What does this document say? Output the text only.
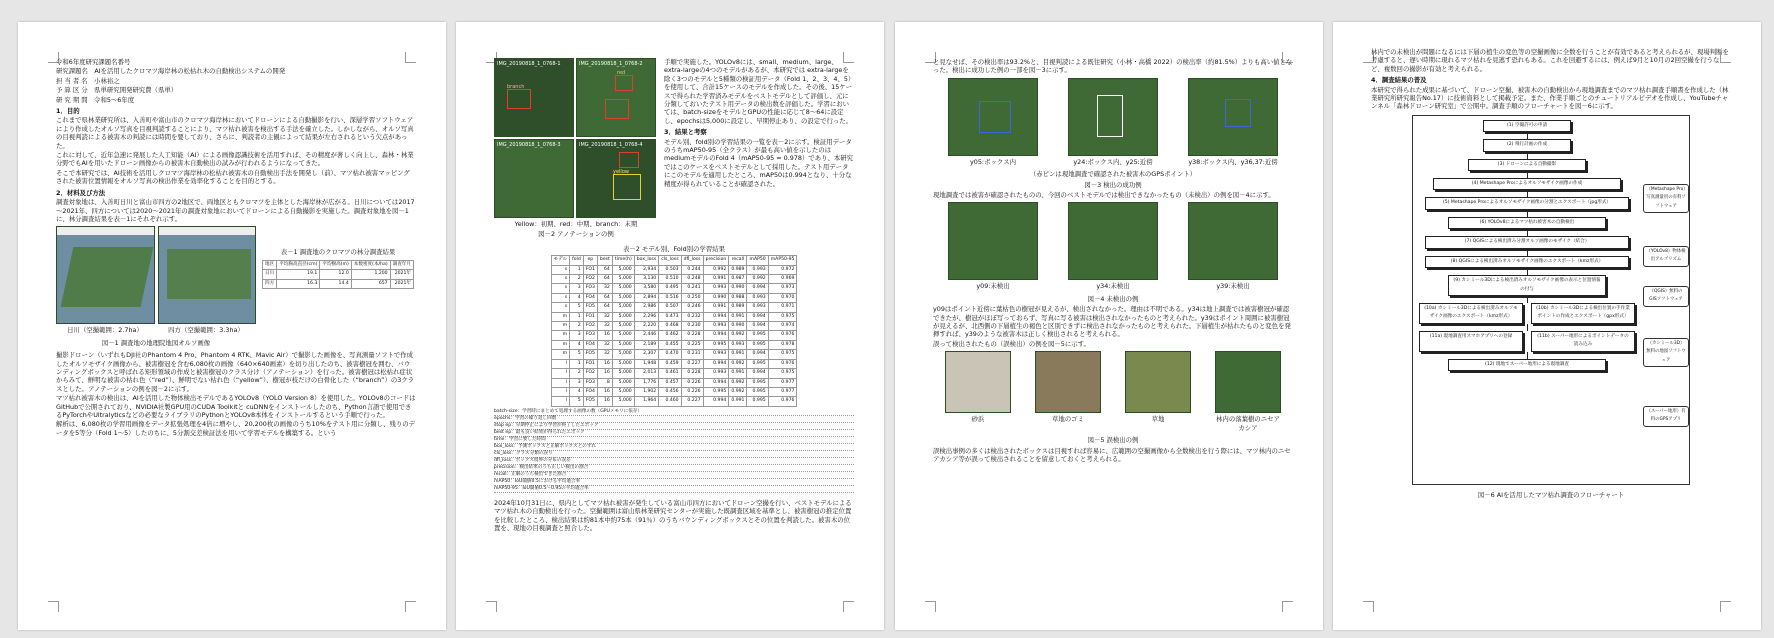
令和6年度研究課題名番号

研究課題名　AIを活用したクロマツ海岸林の松枯れ木の自動検出システムの開発

担 当 者 名　小林裕之

予 算 区 分　県単研究開発研究費（県単）

研 究 期 間　令和5～6年度

1．目的

これまで県林業研究所は、入善町や富山市のクロマツ海岸林においてドローンによる自動撮影を行い、深層学習ソフトウェアにより作成したオルソ写真を目視判読することにより、マツ枯れ被害を検出する手法を確立した。しかしながら、オルソ写真の目視判読による被害木の判読には時間を要しており、さらに、判読者の主観によって結果が左右されるという欠点があった。

これに対して、近年急速に発展した人工知能（AI）による画像認識技術を活用すれば、その精度が著しく向上し、森林・林業分野でもAIを用いたドローン画像からの被害木自動検出の試みが行われるようになってきた。

そこで本研究では、AI技術を活用しクロマツ海岸林の松枯れ被害木の自動検出手法を開発し（前）、マツ枯れ被害マッピングされた被害位置情報をオルソ写真の検出作業を効率化することを目的とする。

2．材料及び方法

調査対象地は、入善町日川と富山市四方の2地区で、両地区ともクロマツを主体とした海岸林が広がる。日川については2017～2021年、四方については2020～2021年の調査対象地においてドローンによる自動撮影を実施した。調査対象地を図－1に、林分調査結果を表－1にそれぞれ示す。

日川（空撮範囲：2.7ha）	四方（空撮範囲：3.3ha）

表－1 調査地のクロマツの林分調査結果

地区	平均胸高直径(cm)	平均樹高(m)	本数密度(本/ha)	調査年月
日川	19.1	12.0	1,200	2021年
四方	16.3	14.4	657	2021年

図－1 調査地の地理院地図オルソ画像

撮影ドローン（いずれもDJI社のPhantom 4 Pro、Phantom 4 RTK、Mavic Air）で撮影した画像を、写真測量ソフトで作成したオルソモザイク画像から、被害樹冠を含む6,080枚の画像（640×640画素）を切り出したのち、被害樹冠を囲む、バウンディングボックスと呼ばれる矩形領域の作成と被害樹冠のクラス分け（アノテーション）を行った。被害樹冠は松枯れ症状からみて、鮮明な被害の枯れ色（“red”）、鮮明でない枯れ色（“yellow”）、樹冠が枝だけの白骨化した（“branch”）の3クラスとした。アノテーションの例を図－2に示す。

マツ枯れ被害木の検出は、AIを活用した物体検出モデルであるYOLOv8（YOLO Version 8）を使用した。YOLOv8のコードはGitHubで公開されており、NVIDIA社製GPU用のCUDA Toolkitと cuDNNをインストールしたのち、Python言語で使用できるPyTorchやUltralyticsなどの必要なライブラリのPythonとYOLOv8本体をインストールするという手順で行った。

解析は、6,080枚の学習用画像をデータ拡張処理を4倍に増やし、20,200枚の画像のうち10%をテスト用に分類し、残りのデータを5等分（Fold 1～5）したのちに、5分割交差検証法を用いて学習モデルを構築する。という

IMG_20190818_1_0768-1
branch
IMG_20190818_1_0768-2
red
IMG_20190818_1_0768-3	IMG_20190818_1_0768-4
yellow

Yellow：初期、red：中期、branch：末期

図－2 アノテーションの例

手順で実施した。YOLOv8には、small、medium、large、extra-largeの4つのモデルがあるが、本研究では extra-largeを除く3つのモデルと5種類の検証用データ（Fold 1、2、3、4、5）を使用して、合計15ケースのモデルを作成した。その後、15ケースで得られた学習済みモデルをベストモデルとして評価し、元に分類しておいたテスト用データの検出数を評価した。学習においては、batch-sizeをモデルとGPUの性能に応じて8～64に設定し、epochsは5,000に設定し、早期停止あり、の設定で行った。

3．結果と考察

モデル別、fold別の学習結果の一覧を表－2に示す。検証用データのうちmAP50-95（全クラス）が最も高い値を示したのはmediumモデルのFold 4（mAP50-95 = 0.978）であり、本研究ではこのケースをベストモデルとして採用した。テスト用データにこのモデルを適用したところ、mAP50は0.994となり、十分な精度が得られていることが確認された。

表－2 モデル別、Fold別の学習結果

モデル	fold	ep	best	time(h)	box_loss	cls_loss	dfl_loss	precision	recall	mAP50	mAP50-95
s	1	FO1	64	5,000	2,934	0.503	0.244	0.992	0.989	0.993	0.972
s	2	FO2	64	5,000	3,130	0.510	0.248	0.991	0.987	0.992	0.969
s	3	FO3	32	5,000	3,580	0.495	0.241	0.993	0.990	0.994	0.973
s	4	FO4	64	5,000	2,894	0.516	0.250	0.990	0.988	0.993	0.970
s	5	FO5	64	5,000	2,986	0.507	0.246	0.991	0.989	0.993	0.971
m	1	FO1	32	5,000	2,296	0.473	0.232	0.994	0.991	0.994	0.975
m	2	FO2	32	5,000	2,220	0.468	0.230	0.993	0.990	0.994	0.974
m	3	FO3	16	5,000	2,446	0.462	0.228	0.994	0.992	0.995	0.976
m	4	FO4	32	5,000	2,189	0.455	0.225	0.995	0.993	0.995	0.978
m	5	FO5	32	5,000	2,307	0.470	0.231	0.993	0.991	0.994	0.975
l	1	FO1	16	5,000	1,948	0.459	0.227	0.994	0.992	0.995	0.976
l	2	FO2	16	5,000	2,013	0.461	0.228	0.993	0.991	0.994	0.975
l	3	FO3	8	5,000	1,776	0.457	0.226	0.994	0.992	0.995	0.977
l	4	FO4	16	5,000	1,902	0.456	0.226	0.995	0.992	0.995	0.977
l	5	FO5	16	5,000	1,964	0.460	0.227	0.994	0.991	0.995	0.976

batch-size：学習時にまとめて処理する画像の数（GPUメモリに依存）

epochs：学習の繰り返し回数

stop ep：早期停止により学習が終了したエポック

best ep：最も良い結果が得られたエポック

time：学習に要した時間

box_loss：予測ボックスと正解ボックスとのずれ

cls_loss：クラス分類の誤り

dfl_loss：ボックス境界の分布の誤差

precision：検出結果のうち正しい検出の割合

recall：正解のうち検出できた割合

mAP50：IoU閾値0.5における平均適合率

mAP50-95：IoU閾値0.5～0.95の平均適合率

2024年10月31日に、県内としてマツ枯れ被害が発生している富山市四方においてドローン空撮を行い、ベストモデルによるマツ枯れ木の自動検出を行った。空撮範囲は富山県林業研究センターが実施した既調査区域を基準とし、被害樹冠の推定位置を比較したところ、検出結果は約81本中約75本（91％）のうちバウンディングボックスとその位置を判読した。被害木の位置を、現地の目視調査と照合した。

と見なせば、その検出率は93.2%と、目視判読による既往研究（小林・高橋 2022）の検出率（約81.5%）よりも高い値となった。検出に成功した例の一部を図－3に示す。

y05:ボックス内	y24:ボックス内、y25:近傍	y38:ボックス内、y36,37:近傍

（赤ピンは現地調査で確認された被害木のGPSポイント）

図－3 検出の成功例

現地調査では被害が確認されたものの、今回のベストモデルでは検出できなかったもの（未検出）の例を図－4に示す。

y09:未検出	y34:未検出	y39:未検出

図－4 未検出の例

y09はポイント近傍に葉枯色の樹冠が見えるが、検出されなかった。理由は不明である。y34は地上調査では被害樹冠が確認できたが、樹冠がほぼ写っておらず、写真に写る被害は検出されなかったものと考えられた。y39はポイント周囲に被害樹冠が見えるが、北西側の下層植生の褐色と区別できずに検出されなかったものと考えられた。下層植生が枯れたものと変色を発揮すれば、y39のような被害木は正しく検出されると考えられる。

誤って検出されたもの（誤検出）の例を図－5に示す。

砂浜	草地のゴミ	草地	林内の落葉樹のニセアカシア

図－5 誤検出の例

誤検出事例の多くは検出されたボックスは目視すれば容易に、広範囲の空撮画像から全数検出を行う際には、マツ林内のニセアカシア等が誤って検出されることを留意しておくと考えられる。

林内での未検出が問題になるには下層の植生の変色等の空撮画像に全数を行うことが有効であると考えられるが、現場判断を考慮すると、遅い時期に現れるマツ枯れを見逃す恐れもある。これを回避するには、例えば9月と10月の2回空撮を行うなど、複数回の撮影が有効と考えられる。

4．調査結果の普及

本研究で得られた成果に基づいて、ドローン空撮、被害木の自動検出から現地調査までのマツ枯れ調査手順書を作成した（林業研究所研究報告No.17）に技術資料として掲載予定。また、作業手順ごとのチュートリアルビデオを作成し、YouTubeチャンネル「森林ドローン研究室」で公開中。調査手順のフローチャートを図－6に示す。

(1) 空撮許可の申請
(2) 飛行計画の作成
(3) ドローンによる自動撮影
(4) Metashape Proによるオルソモザイク画像の作成
(5) Metashape Proによるオルソモザイク画像の分割とエクスポート（jpg形式）
(6) YOLOv8によるマツ枯れ被害木の自動検出
(7) QGISによる検出済み分割オルソ画像のモザイク（結合）
(8) QGISによる検出済みオルソモザイク画像のエクスポート（kmz形式）
(9) カシミール3Dによる検出済みオルソモザイク画像の表示と位置情報の付与
(10a) カシミール3Dによる検出済みオルソモザイク画像のエクスポート（kmz形式）
(10b) カシミール3Dによる検出位置の手作業ポイントの作成とエクスポート（gpx形式）
(11a) 現地調査用スマホアプリへの登録	(11b) スーパー地形によるポイントデータの読み込み
(12) 現地でスーパー地形による現地調査
（Metashape Pro）写真測量用の有料ソフトウェア
（YOLOv8）物体検出アルゴリズム
（QGIS）無料のGISソフトウェア
（カシミール3D）無料の地図ソフトウェア
（スーパー地形）有料のGPSアプリ

図－6 AIを活用したマツ枯れ調査のフローチャート
